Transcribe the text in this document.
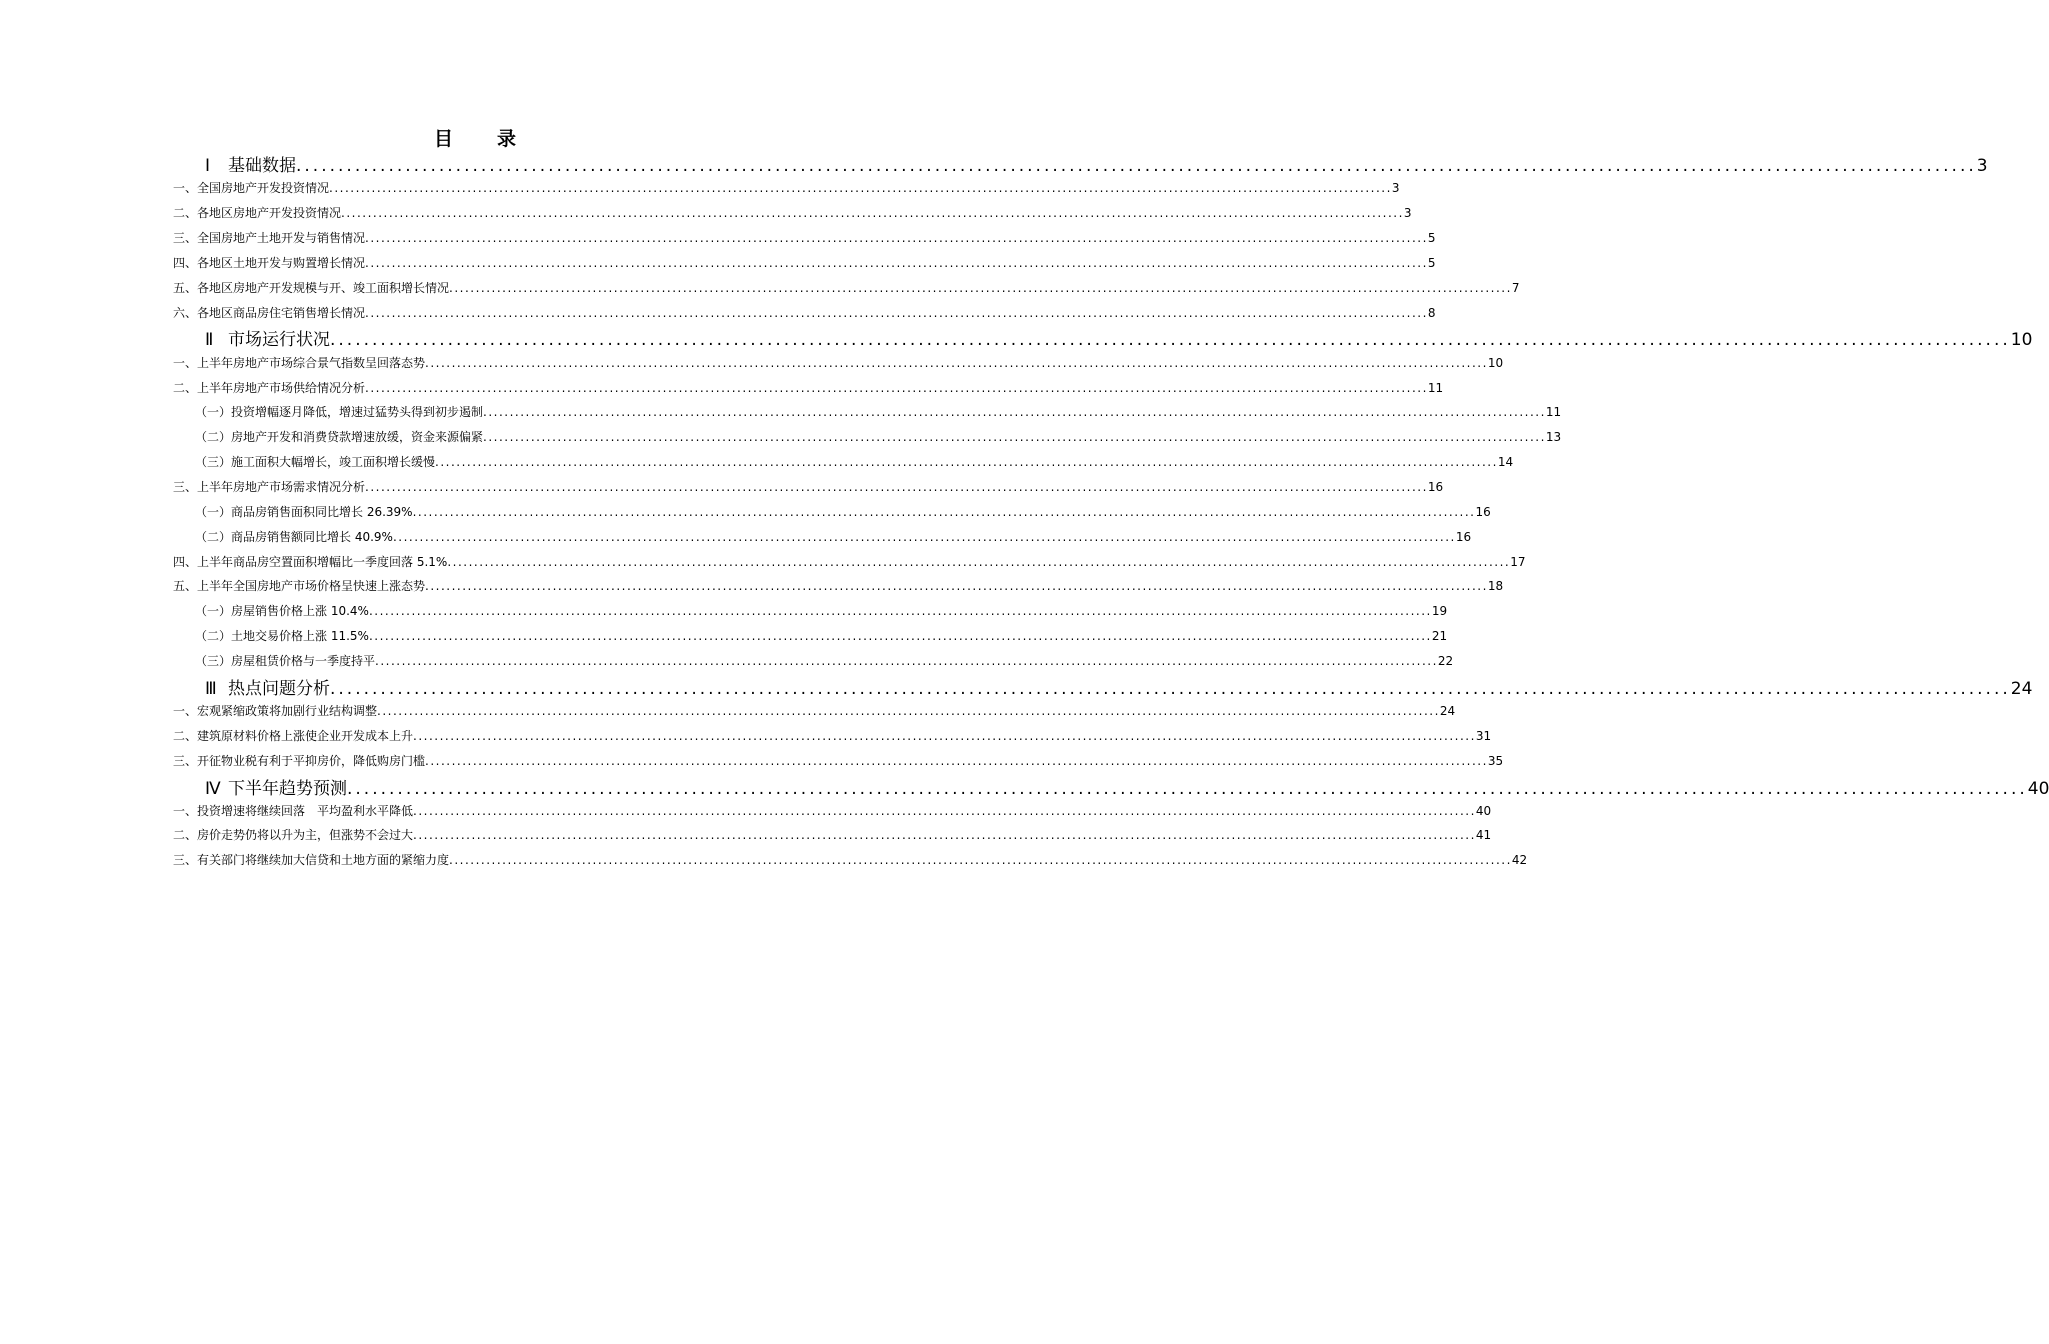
目录
Ⅰ 基础数据 ........................................................................................................................................................................................................ 3
一、全国房地产开发投资情况 ........................................................................................................................................................................................................ 3
二、各地区房地产开发投资情况 ........................................................................................................................................................................................................ 3
三、全国房地产土地开发与销售情况 ........................................................................................................................................................................................................ 5
四、各地区土地开发与购置增长情况 ........................................................................................................................................................................................................ 5
五、各地区房地产开发规模与开、竣工面积增长情况 ........................................................................................................................................................................................................ 7
六、各地区商品房住宅销售增长情况 ........................................................................................................................................................................................................ 8
Ⅱ 市场运行状况 ........................................................................................................................................................................................................ 10
一、上半年房地产市场综合景气指数呈回落态势 ........................................................................................................................................................................................................ 10
二、上半年房地产市场供给情况分析 ........................................................................................................................................................................................................ 11
（一）投资增幅逐月降低，增速过猛势头得到初步遏制 ........................................................................................................................................................................................................ 11
（二）房地产开发和消费贷款增速放缓，资金来源偏紧 ........................................................................................................................................................................................................ 13
（三）施工面积大幅增长，竣工面积增长缓慢 ........................................................................................................................................................................................................ 14
三、上半年房地产市场需求情况分析 ........................................................................................................................................................................................................ 16
（一）商品房销售面积同比增长 26.39% ........................................................................................................................................................................................................ 16
（二）商品房销售额同比增长 40.9% ........................................................................................................................................................................................................ 16
四、上半年商品房空置面积增幅比一季度回落 5.1% ........................................................................................................................................................................................................ 17
五、上半年全国房地产市场价格呈快速上涨态势 ........................................................................................................................................................................................................ 18
（一）房屋销售价格上涨 10.4% ........................................................................................................................................................................................................ 19
（二）土地交易价格上涨 11.5% ........................................................................................................................................................................................................ 21
（三）房屋租赁价格与一季度持平 ........................................................................................................................................................................................................ 22
Ⅲ 热点问题分析 ........................................................................................................................................................................................................ 24
一、宏观紧缩政策将加剧行业结构调整 ........................................................................................................................................................................................................ 24
二、建筑原材料价格上涨使企业开发成本上升 ........................................................................................................................................................................................................ 31
三、开征物业税有利于平抑房价，降低购房门槛 ........................................................................................................................................................................................................ 35
Ⅳ 下半年趋势预测 ........................................................................................................................................................................................................ 40
一、投资增速将继续回落　平均盈利水平降低 ........................................................................................................................................................................................................ 40
二、房价走势仍将以升为主，但涨势不会过大 ........................................................................................................................................................................................................ 41
三、有关部门将继续加大信贷和土地方面的紧缩力度 ........................................................................................................................................................................................................ 42
